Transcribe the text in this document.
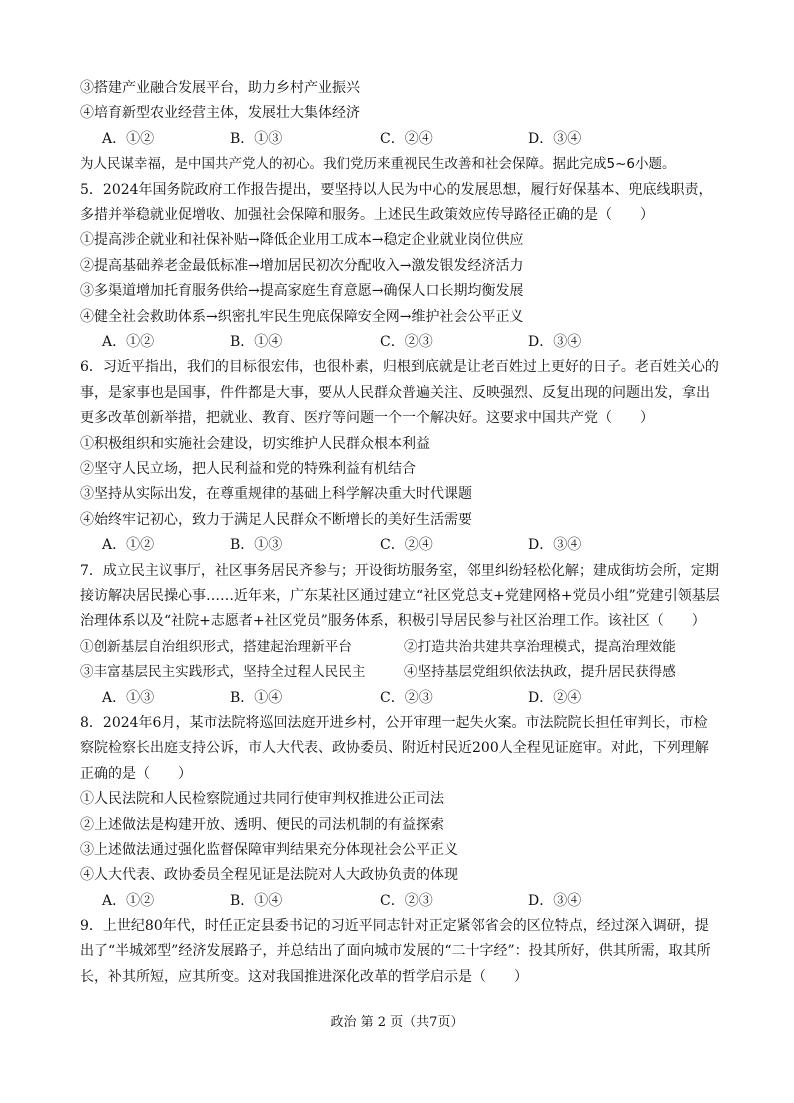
③搭建产业融合发展平台，助力乡村产业振兴
④培育新型农业经营主体，发展壮大集体经济
A．①②	B．①③	C．②④	D．③④
为人民谋幸福，是中国共产党人的初心。我们党历来重视民生改善和社会保障。据此完成5~6小题。
5．2024年国务院政府工作报告提出，要坚持以人民为中心的发展思想，履行好保基本、兜底线职责，多措并举稳就业促增收、加强社会保障和服务。上述民生政策效应传导路径正确的是（　　）
①提高涉企就业和社保补贴→降低企业用工成本→稳定企业就业岗位供应
②提高基础养老金最低标准→增加居民初次分配收入→激发银发经济活力
③多渠道增加托育服务供给→提高家庭生育意愿→确保人口长期均衡发展
④健全社会救助体系→织密扎牢民生兜底保障安全网→维护社会公平正义
A．①②	B．①④	C．②③	D．③④
6．习近平指出，我们的目标很宏伟，也很朴素，归根到底就是让老百姓过上更好的日子。老百姓关心的事，是家事也是国事，件件都是大事，要从人民群众普遍关注、反映强烈、反复出现的问题出发，拿出更多改革创新举措，把就业、教育、医疗等问题一个一个解决好。这要求中国共产党（　　）
①积极组织和实施社会建设，切实维护人民群众根本利益
②坚守人民立场，把人民利益和党的特殊利益有机结合
③坚持从实际出发，在尊重规律的基础上科学解决重大时代课题
④始终牢记初心，致力于满足人民群众不断增长的美好生活需要
A．①②	B．①③	C．②④	D．③④
7．成立民主议事厅，社区事务居民齐参与；开设街坊服务室，邻里纠纷轻松化解；建成街坊会所，定期接访解决居民操心事……近年来，广东某社区通过建立“社区党总支+党建网格+党员小组”党建引领基层治理体系以及“社院+志愿者+社区党员”服务体系，积极引导居民参与社区治理工作。该社区（　　）
①创新基层自治组织形式，搭建起治理新平台	②打造共治共建共享治理模式，提高治理效能
③丰富基层民主实践形式，坚持全过程人民民主	④坚持基层党组织依法执政，提升居民获得感
A．①③	B．①④	C．②③	D．②④
8．2024年6月，某市法院将巡回法庭开进乡村，公开审理一起失火案。市法院院长担任审判长，市检察院检察长出庭支持公诉，市人大代表、政协委员、附近村民近200人全程见证庭审。对此，下列理解正确的是（　　）
①人民法院和人民检察院通过共同行使审判权推进公正司法
②上述做法是构建开放、透明、便民的司法机制的有益探索
③上述做法通过强化监督保障审判结果充分体现社会公平正义
④人大代表、政协委员全程见证是法院对人大政协负责的体现
A．①②	B．①④	C．②③	D．③④
9．上世纪80年代，时任正定县委书记的习近平同志针对正定紧邻省会的区位特点，经过深入调研，提出了“半城郊型”经济发展路子，并总结出了面向城市发展的“二十字经”：投其所好，供其所需，取其所长，补其所短，应其所变。这对我国推进深化改革的哲学启示是（　　）
政治 第 2 页（共7页）
